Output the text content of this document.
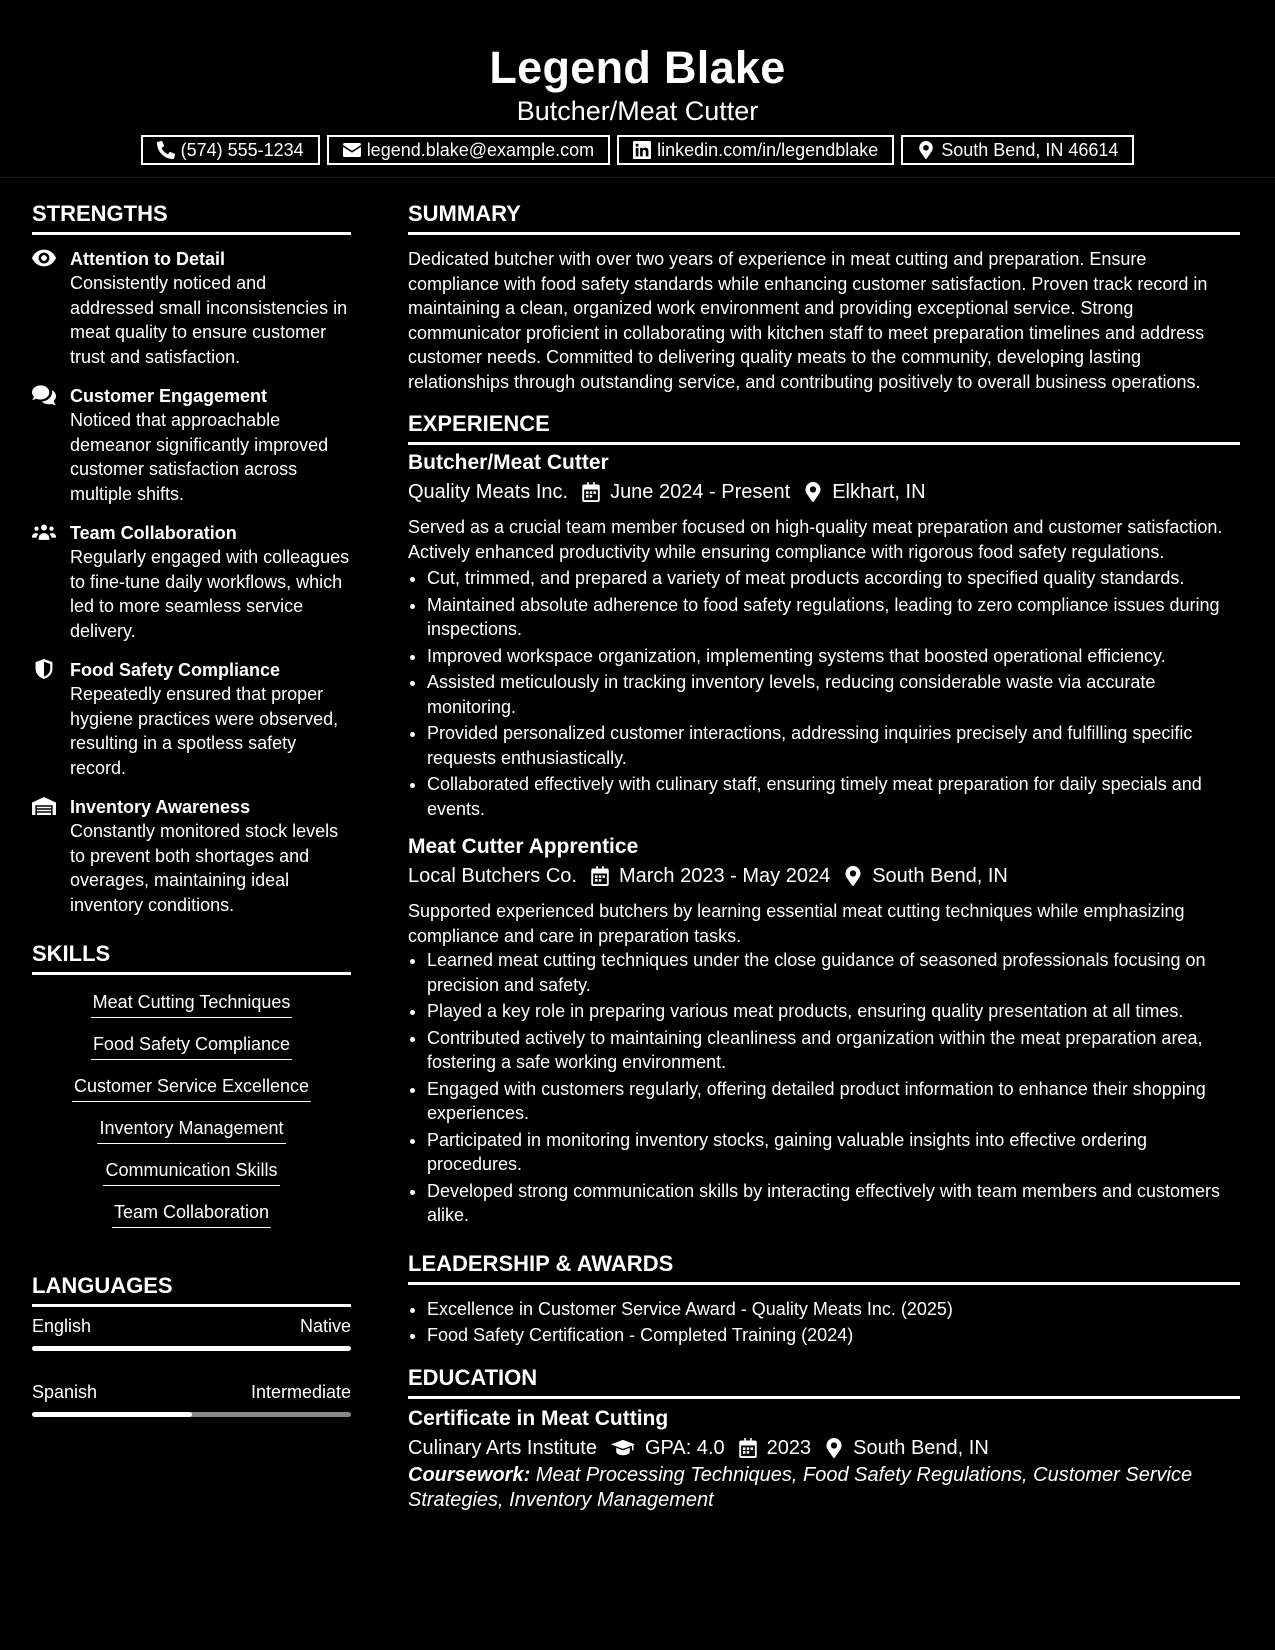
Legend Blake
Butcher/Meat Cutter
(574) 555-1234	legend.blake@example.com	linkedin.com/in/legendblake	South Bend, IN 46614
STRENGTHS
Attention to Detail
Consistently noticed and addressed small inconsistencies in meat quality to ensure customer trust and satisfaction.
Customer Engagement
Noticed that approachable demeanor significantly improved customer satisfaction across multiple shifts.
Team Collaboration
Regularly engaged with colleagues to fine-tune daily workflows, which led to more seamless service delivery.
Food Safety Compliance
Repeatedly ensured that proper hygiene practices were observed, resulting in a spotless safety record.
Inventory Awareness
Constantly monitored stock levels to prevent both shortages and overages, maintaining ideal inventory conditions.
SKILLS
Meat Cutting Techniques
Food Safety Compliance
Customer Service Excellence
Inventory Management
Communication Skills
Team Collaboration
LANGUAGES
English	Native
Spanish	Intermediate
SUMMARY

Dedicated butcher with over two years of experience in meat cutting and preparation. Ensure compliance with food safety standards while enhancing customer satisfaction. Proven track record in maintaining a clean, organized work environment and providing exceptional service. Strong communicator proficient in collaborating with kitchen staff to meet preparation timelines and address customer needs. Committed to delivering quality meats to the community, developing lasting relationships through outstanding service, and contributing positively to overall business operations.

EXPERIENCE
Butcher/Meat Cutter
Quality Meats Inc. June 2024 - Present Elkhart, IN

Served as a crucial team member focused on high-quality meat preparation and customer satisfaction. Actively enhanced productivity while ensuring compliance with rigorous food safety regulations.

• Cut, trimmed, and prepared a variety of meat products according to specified quality standards.
• Maintained absolute adherence to food safety regulations, leading to zero compliance issues during inspections.
• Improved workspace organization, implementing systems that boosted operational efficiency.
• Assisted meticulously in tracking inventory levels, reducing considerable waste via accurate monitoring.
• Provided personalized customer interactions, addressing inquiries precisely and fulfilling specific requests enthusiastically.
• Collaborated effectively with culinary staff, ensuring timely meat preparation for daily specials and events.
Meat Cutter Apprentice
Local Butchers Co. March 2023 - May 2024 South Bend, IN

Supported experienced butchers by learning essential meat cutting techniques while emphasizing compliance and care in preparation tasks.

• Learned meat cutting techniques under the close guidance of seasoned professionals focusing on precision and safety.
• Played a key role in preparing various meat products, ensuring quality presentation at all times.
• Contributed actively to maintaining cleanliness and organization within the meat preparation area, fostering a safe working environment.
• Engaged with customers regularly, offering detailed product information to enhance their shopping experiences.
• Participated in monitoring inventory stocks, gaining valuable insights into effective ordering procedures.
• Developed strong communication skills by interacting effectively with team members and customers alike.
LEADERSHIP & AWARDS
• Excellence in Customer Service Award - Quality Meats Inc. (2025)
• Food Safety Certification - Completed Training (2024)
EDUCATION
Certificate in Meat Cutting
Culinary Arts Institute GPA: 4.0 2023 South Bend, IN
Coursework: Meat Processing Techniques, Food Safety Regulations, Customer Service Strategies, Inventory Management
